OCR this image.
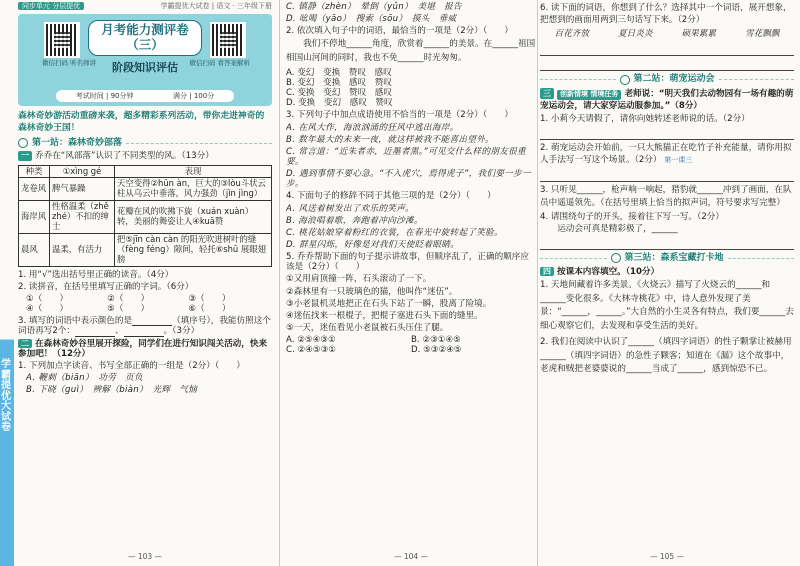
学霸提优大试卷
同步单元 分层提优	学霸提优大试卷 | 语文 · 三年级下册
微信扫码 听名师讲	微信扫码 看答案解析
月考能力测评卷（三）
阶段知识评估
考试时间 | 90分钟	满分 | 100分
森林奇妙游活动重磅来袭，超多精彩系列活动，带你走进神奇的森林奇妙王国！
第一站：森林奇妙部落
一 乔乔在“风部落”认识了不同类型的风。（13分）
种类	①xìng gé	表现
龙卷风	脾气暴躁	天空变得②hūn àn，巨大的③lòu斗状云柱从乌云中垂落，风力强劲（jìn jìng）
海岸风	性格温柔（zhě zhé）不扣的绅士	花瓣在风的吹拂下旋（xuán xuàn）转，美丽的舞姿让人④kuā赞
晨风	温柔，有活力	把⑤jīn càn càn 的阳光吹进树叶的缝（fèng féng）隙间，轻托⑥shū 展眼翅膀
1. 用“√”选出括号里正确的读音。（4分）
2. 读拼音，在括号里填写正确的字词。（6分）
①（　　）	②（　　）	③（　　）
④（　　）	⑤（　　）	⑥（　　）
3. 填写的词语中表示颜色的是	（填序号），我能仿照这个词语再写2个：	、	。（3分）
二 在森林奇妙谷里展开探险，同学们在进行知识闯关活动，快来参加吧！（12分）
1. 下列加点字读音、书写全部正确的一组是（2分）（　　）
A. 鞭刺（biān）　功劳　页负
B. 下晓（guì）　辨解（biàn）　光辉　气恼
— 103 —
C. 镇静（zhèn）　晕倒（yǔn）　美堪　报告
D. 吆喝（yāo）　搜索（sōu）　摸头　垂威
2. 依次填入句子中的词语，最恰当的一项是（2分）（　　）
我们不停地______角度，欣赏着______的美景。在______祖国相国山河间的同时，我也不免______时光匆匆。
A. 变幻　变换　赞叹　感叹
B. 变幻　变换　感叹　赞叹
C. 变换　变幻　赞叹　感叹
D. 变换　变幻　感叹　赞叹
3. 下列句子中加点成语使用不恰当的一项是（2分）（　　）
A. 在风大作，海浪汹涌的狂风中逃出海岸。
B. 数年最大的未来一夜，就这样被我不能喜出望外。
C. 常言道：“近朱者赤，近墨者黑。”可见交什么样的朋友很重要。
D. 遇到事情不要心急。“不入虎穴，焉得虎子”，我们要一步一步。
4. 下面句子的修辞不同于其他三项的是（2分）（　　）
A. 风送着树发出了欢乐的笑声。
B. 海浪唱着歌，奔跑着冲向沙滩。
C. 桃花姑娘穿着粉红的衣裳，在春光中旋转起了笑脸。
D. 群星闪烁，好像是对我们天使眨着眼睛。
5. 乔乔帮助下面的句子提示讲故事，但顺序乱了，正确的顺序应该是（2分）（　　）
①又用肩顶撞一阵，石头滚动了一下。
②森林里有一只玻璃色的猫，他叫作“迷伍”。
③小老鼠机灵地把正在石头下站了一瞬，股离了险境。
④迷伍找来一根棍子，把棍子塞进石头下面的缝里。
⑤一天，迷伍看见小老鼠被石头压住了腿。
A. ②⑤④③①	B. ②③①④⑤
C. ②④⑤③①	D. ⑤③②④⑤
— 104 —
6. 读下面的词语，你想到了什么？选择其中一个词语，展开想象，把想到的画面用两到三句话写下来。（2分）
百花齐放	夏日炎炎	硕果累累	雪花飘飘
第二站：萌宠运动会
三 创新情境 情境任务 老师说：“明天我们去动物园有一场有趣的萌宠运动会，请大家穿运动服参加。”（8分）
1. 小莉今天请假了，请你向她转述老师说的话。（2分）
2. 萌宠运动会开始前，一只大熊猫正在吃竹子补充能量，请你用拟人手法写一写这个场景。（2分） 第一课三
3. 只听见______，枪声响一响起，猎豹就______冲到了画面，在队员中遥遥领先。（在括号里填上恰当的拟声词，符号要求写完整）
4. 请围绕句子的开头，接着往下写一写。（2分）
运动会可真是精彩极了，______
第三站：森系宝藏打卡地
四 按课本内容填空。（10分）
1. 天地间藏着许多美景。《火烧云》描写了火烧云的______和______变化很多。《大林寺桃花》中，诗人意外发现了美景：“______，______。”大自然的小生灵各有特点，我们要______去细心观察它们，去发现和享受生活的美好。
2. 我们在阅读中认识了______（填四字词语）的性子颗掌让被赫用______（填四字词语）的急性子颗客；知道在《漏》这个故事中，老虎和贼把老婆婆说的______当成了______，感到惊恐不已。
— 105 —
